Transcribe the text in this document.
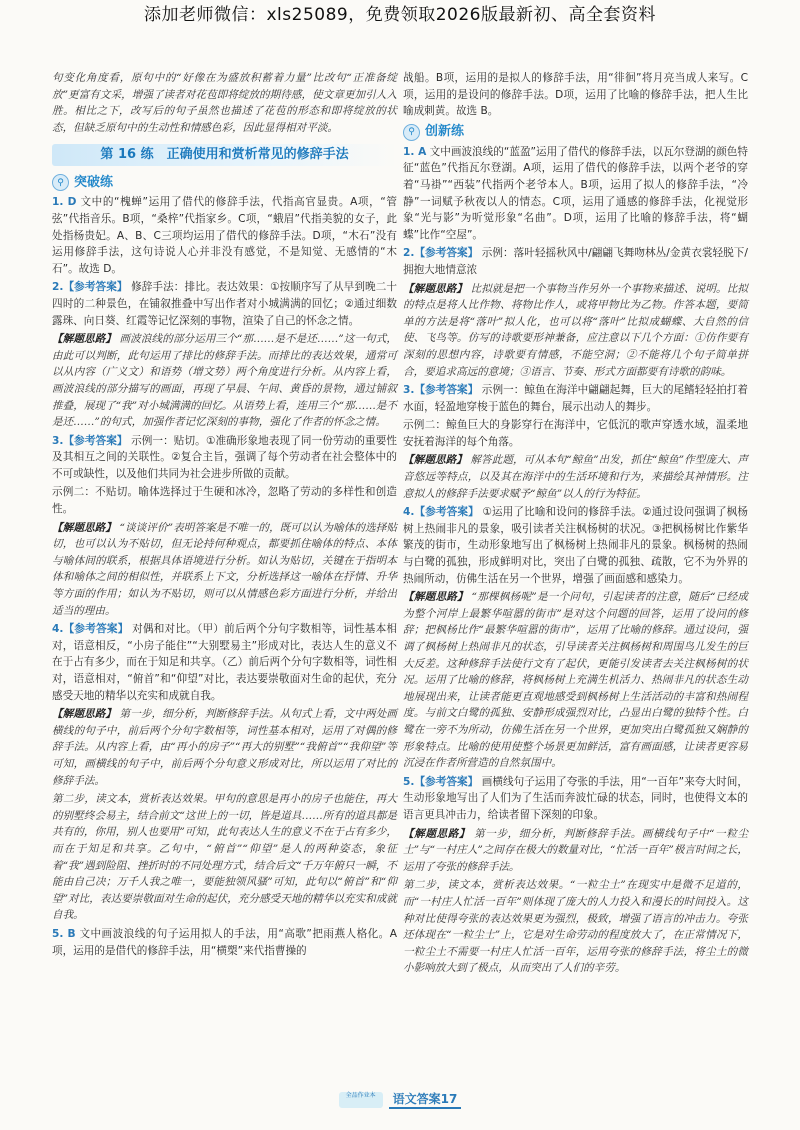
添加老师微信：xls25089，免费领取2026版最新初、高全套资料

句变化角度看，原句中的“好像在为盛放积蓄着力量”比改句“正准备绽放”更富有文采，增强了读者对花苞即将绽放的期待感，使文章更加引人入胜。相比之下，改写后的句子虽然也描述了花苞的形态和即将绽放的状态，但缺乏原句中的生动性和情感色彩，因此显得相对平淡。

第 16 练　正确使用和赏析常见的修辞手法
⚲ 突破练

1. D 文中的“槐蝉”运用了借代的修辞手法，代指高官显贵。A项，“管弦”代指音乐。B项，“桑梓”代指家乡。C项，“蛾眉”代指美貌的女子，此处指杨贵妃。A、B、C三项均运用了借代的修辞手法。D项，“木石”没有运用修辞手法，这句诗说人心并非没有感觉，不是知觉、无感情的“木石”。故选 D。

2.【参考答案】 修辞手法：排比。表达效果：①按顺序写了从早到晚二十四时的二种景色，在铺叙推叠中写出作者对小城满满的回忆；②通过细数露珠、向日葵、红霞等记忆深刻的事物，渲染了自己的怀念之情。

【解题思路】 画波浪线的部分运用三个“那……是不是还……”这一句式，由此可以判断，此句运用了排比的修辞手法。而排比的表达效果，通常可以从内容（广义文）和语势（增文势）两个角度进行分析。从内容上看，画波浪线的部分描写的画面，再现了早晨、午间、黄昏的景物，通过铺叙推叠，展现了“我”对小城满满的回忆。从语势上看，连用三个“那……是不是还……”的句式，加强作者记忆深刻的事物，强化了作者的怀念之情。

3.【参考答案】 示例一：贴切。①准确形象地表现了同一份劳动的重要性及其相互之间的关联性。②复合主旨，强调了每个劳动者在社会整体中的不可或缺性，以及他们共同为社会进步所做的贡献。

示例二：不贴切。喻体选择过于生硬和冰冷，忽略了劳动的多样性和创造性。

【解题思路】 “谈谈评价”表明答案是不唯一的，既可以认为喻体的选择贴切，也可以认为不贴切，但无论持何种观点，都要抓住喻体的特点、本体与喻体间的联系，根据具体语境进行分析。如认为贴切，关键在于指明本体和喻体之间的相似性，并联系上下文，分析选择这一喻体在抒情、升华等方面的作用；如认为不贴切，则可以从情感色彩方面进行分析，并给出适当的理由。

4.【参考答案】 对偶和对比。（甲）前后两个分句字数相等，词性基本相对，语意相反，“小房子能住”“大别墅易主”形成对比，表达人生的意义不在于占有多少，而在于知足和共享。（乙）前后两个分句字数相等，词性相对，语意相对，“俯首”和“仰望”对比，表达要崇敬面对生命的起伏，充分感受天地的精华以充实和成就自我。

【解题思路】 第一步，细分析，判断修辞手法。从句式上看，文中两处画横线的句子中，前后两个分句字数相等，词性基本相对，运用了对偶的修辞手法。从内容上看，由“再小的房子”“再大的别墅”“我俯首”“我仰望”等可知，画横线的句子中，前后两个分句意义形成对比，所以运用了对比的修辞手法。

第二步，读文本，赏析表达效果。甲句的意思是再小的房子也能住，再大的别墅终会易主，结合前文“这世上的一切，皆是道具……所有的道具都是共有的，你用，别人也要用”可知，此句表达人生的意义不在于占有多少，而在于知足和共享。乙句中，“俯首”“仰望”是人的两种姿态，象征着“我”遇到险阻、挫折时的不同处理方式，结合后文“千万年俯只一瞬，不能由自己决；万千人我之唯一，要能独领风骚”可知，此句以“俯首”和“仰望”对比，表达要崇敬面对生命的起伏，充分感受天地的精华以充实和成就自我。

5. B 文中画波浪线的句子运用拟人的手法，用“高歌”把雨燕人格化。A项，运用的是借代的修辞手法，用“横槊”来代指曹操的

战船。B项，运用的是拟人的修辞手法，用“徘徊”将月亮当成人来写。C项，运用的是设问的修辞手法。D项，运用了比喻的修辞手法，把人生比喻成刺黄。故选 B。

⚲ 创新练

1. A 文中画波浪线的“蓝盈”运用了借代的修辞手法，以瓦尔登湖的颜色特征“蓝色”代指瓦尔登湖。A项，运用了借代的修辞手法，以两个老爷的穿着“马褂”“西装”代指两个老爷本人。B项，运用了拟人的修辞手法，“冷静”一词赋予秋夜以人的情态。C项，运用了通感的修辞手法，化视觉形象“光与影”为听觉形象“名曲”。D项，运用了比喻的修辞手法，将“蝴蝶”比作“空屋”。

2.【参考答案】 示例：落叶轻摇秋风中/翩翩飞舞吻林丛/金黄衣裳轻脱下/拥抱大地情意浓

【解题思路】 比拟就是把一个事物当作另外一个事物来描述、说明。比拟的特点是将人比作物、将物比作人，或将甲物比为乙物。作答本题，要简单的方法是将“落叶”拟人化，也可以将“落叶”比拟成蝴蝶、大自然的信使、飞鸟等。仿写的诗歌要形神兼备，应注意以下几个方面：①仿作要有深刻的思想内容，诗歌要有情感，不能空洞；②不能将几个句子简单拼合，要追求高远的意境；③语言、节奏、形式方面都要有诗歌的韵味。

3.【参考答案】 示例一：鲸鱼在海洋中翩翩起舞，巨大的尾鳍轻轻拍打着水面，轻盈地穿梭于蓝色的舞台，展示出动人的舞步。

示例二：鲸鱼巨大的身影穿行在海洋中，它低沉的歌声穿透水域，温柔地安抚着海洋的每个角落。

【解题思路】 解答此题，可从本句“鲸鱼”出发，抓住“鲸鱼”作型庞大、声音悠远等特点，以及其在海洋中的生活环境和行为，来描绘其神情形。注意拟人的修辞手法要求赋予“鲸鱼”以人的行为特征。

4.【参考答案】 ①运用了比喻和设问的修辞手法。②通过设问强调了枫杨树上热闹非凡的景象，吸引读者关注枫杨树的状况。③把枫杨树比作紫华繁茂的街市，生动形象地写出了枫杨树上热闹非凡的景象。枫杨树的热闹与白鹭的孤独，形成鲜明对比，突出了白鹭的孤独、疏散，它不为外界的热闹所动，仿佛生活在另一个世界，增强了画面感和感染力。

【解题思路】 “那棵枫杨呢”是一个问句，引起读者的注意，随后“已经成为整个河岸上最繁华喧嚣的街市”是对这个问题的回答，运用了设问的修辞；把枫杨比作“最繁华喧嚣的街市”，运用了比喻的修辞。通过设问，强调了枫杨树上热闹非凡的状态，引导读者关注枫杨树和周围鸟儿发生的巨大反差。这种修辞手法使行文有了起伏，更能引发读者去关注枫杨树的状况。运用了比喻的修辞，将枫杨树上充满生机活力、热闹非凡的状态生动地展现出来，让读者能更直观地感受到枫杨树上生活活动的丰富和热闹程度。与前文白鹭的孤独、安静形成强烈对比，凸显出白鹭的独特个性。白鹭在一旁不为所动，仿佛生活在另一个世界，更加突出白鹭孤独又娴静的形象特点。比喻的使用使整个场景更加鲜活，富有画面感，让读者更容易沉浸在作者所营造的自然氛围中。

5.【参考答案】 画横线句子运用了夸张的手法，用“一百年”来夸大时间，生动形象地写出了人们为了生活而奔波忙碌的状态，同时，也使得文本的语言更具冲击力，给读者留下深刻的印象。

【解题思路】 第一步，细分析，判断修辞手法。画横线句子中“一粒尘土”与“一村庄人”之间存在极大的数量对比，“忙活一百年”极言时间之长，运用了夸张的修辞手法。

第二步，读文本，赏析表达效果。“一粒尘土”在现实中是微不足道的，而“一村庄人忙活一百年”则体现了庞大的人力投入和漫长的时间投入。这种对比使得夸张的表达效果更为强烈，极致，增强了语言的冲击力。夸张还体现在“一粒尘土”上，它是对生命劳动的程度放大了，在正常情况下，一粒尘土不需要一村庄人忙活一百年，运用夸张的修辞手法，将尘土的微小影响放大到了极点，从而突出了人们的辛劳。

全品作业本	语文答案17
